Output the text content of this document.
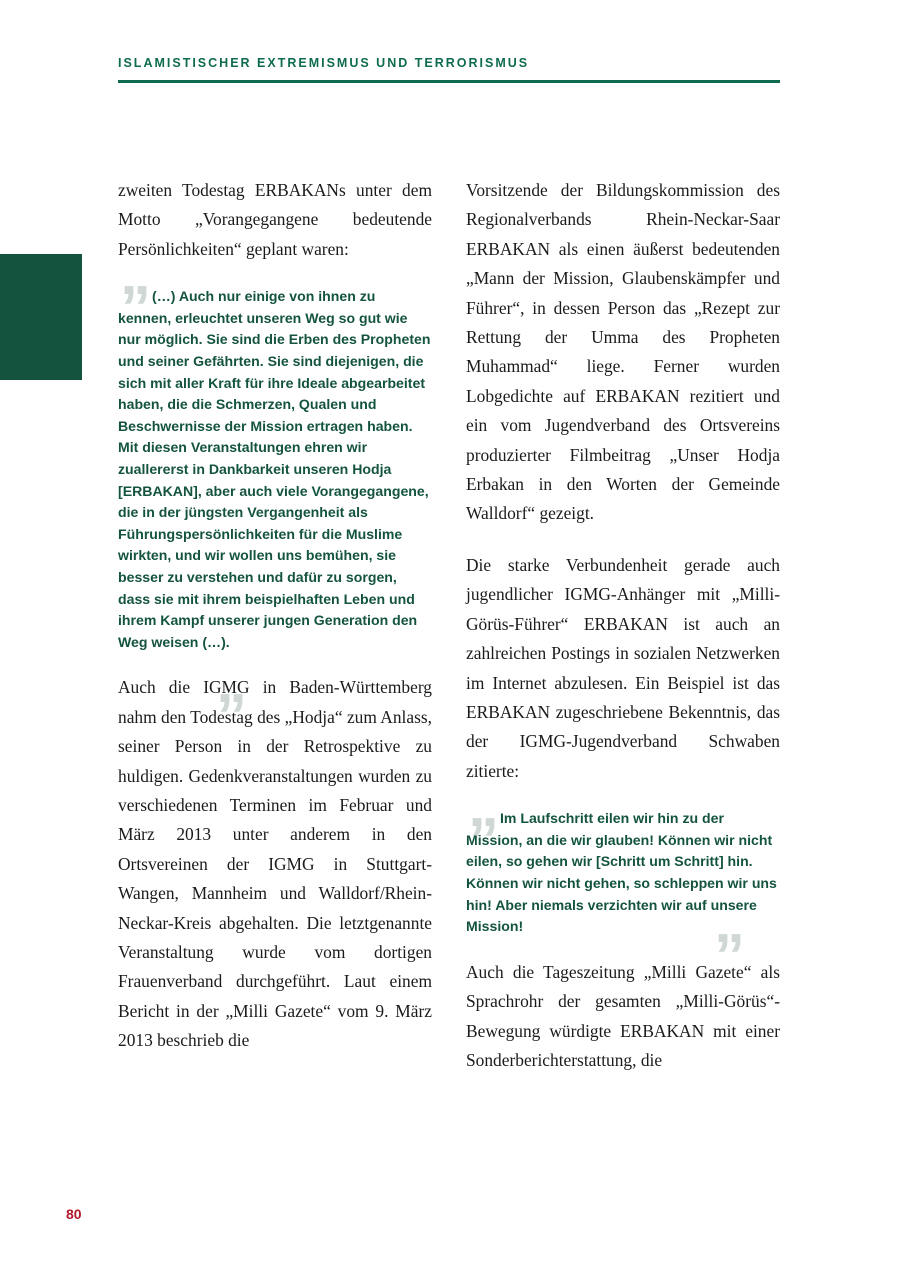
ISLAMISTISCHER EXTREMISMUS UND TERRORISMUS

zweiten Todestag ERBAKANs unter dem Motto „Vorangegangene bedeutende Persönlichkeiten“ geplant waren:

”
”
(…) Auch nur einige von ihnen zu kennen, erleuchtet unseren Weg so gut wie nur möglich. Sie sind die Erben des Propheten und seiner Gefährten. Sie sind diejenigen, die sich mit aller Kraft für ihre Ideale abgearbeitet haben, die die Schmerzen, Qualen und Beschwernisse der Mission ertragen haben. Mit diesen Veranstaltungen ehren wir zuallererst in Dankbarkeit unseren Hodja [ERBAKAN], aber auch viele Vorangegangene, die in der jüngsten Vergangenheit als Führungspersönlichkeiten für die Muslime wirkten, und wir wollen uns bemühen, sie besser zu verstehen und dafür zu sorgen, dass sie mit ihrem beispielhaften Leben und ihrem Kampf unserer jungen Generation den Weg weisen (…).

Auch die IGMG in Baden-Württemberg nahm den Todestag des „Hodja“ zum Anlass, seiner Person in der Retrospektive zu huldigen. Gedenkveranstaltungen wurden zu verschiedenen Terminen im Februar und März 2013 unter anderem in den Ortsvereinen der IGMG in Stuttgart-Wangen, Mannheim und Walldorf/Rhein-Neckar-Kreis abgehalten. Die letztgenannte Veranstaltung wurde vom dortigen Frauenverband durchgeführt. Laut einem Bericht in der „Milli Gazete“ vom 9. März 2013 beschrieb die

Vorsitzende der Bildungskommission des Regionalverbands Rhein-Neckar-Saar ERBAKAN als einen äußerst bedeutenden „Mann der Mission, Glaubenskämpfer und Führer“, in dessen Person das „Rezept zur Rettung der Umma des Propheten Muhammad“ liege. Ferner wurden Lobgedichte auf ERBAKAN rezitiert und ein vom Jugendverband des Ortsvereins produzierter Filmbeitrag „Unser Hodja Erbakan in den Worten der Gemeinde Walldorf“ gezeigt.

Die starke Verbundenheit gerade auch jugendlicher IGMG-Anhänger mit „Milli-Görüs-Führer“ ERBAKAN ist auch an zahlreichen Postings in sozialen Netzwerken im Internet abzulesen. Ein Beispiel ist das ERBAKAN zugeschriebene Bekenntnis, das der IGMG-Jugendverband Schwaben zitierte:

”
”
Im Laufschritt eilen wir hin zu der Mission, an die wir glauben! Können wir nicht eilen, so gehen wir [Schritt um Schritt] hin. Können wir nicht gehen, so schleppen wir uns hin! Aber niemals verzichten wir auf unsere Mission!

Auch die Tageszeitung „Milli Gazete“ als Sprachrohr der gesamten „Milli-Görüs“-Bewegung würdigte ERBAKAN mit einer Sonderberichterstattung, die

80
